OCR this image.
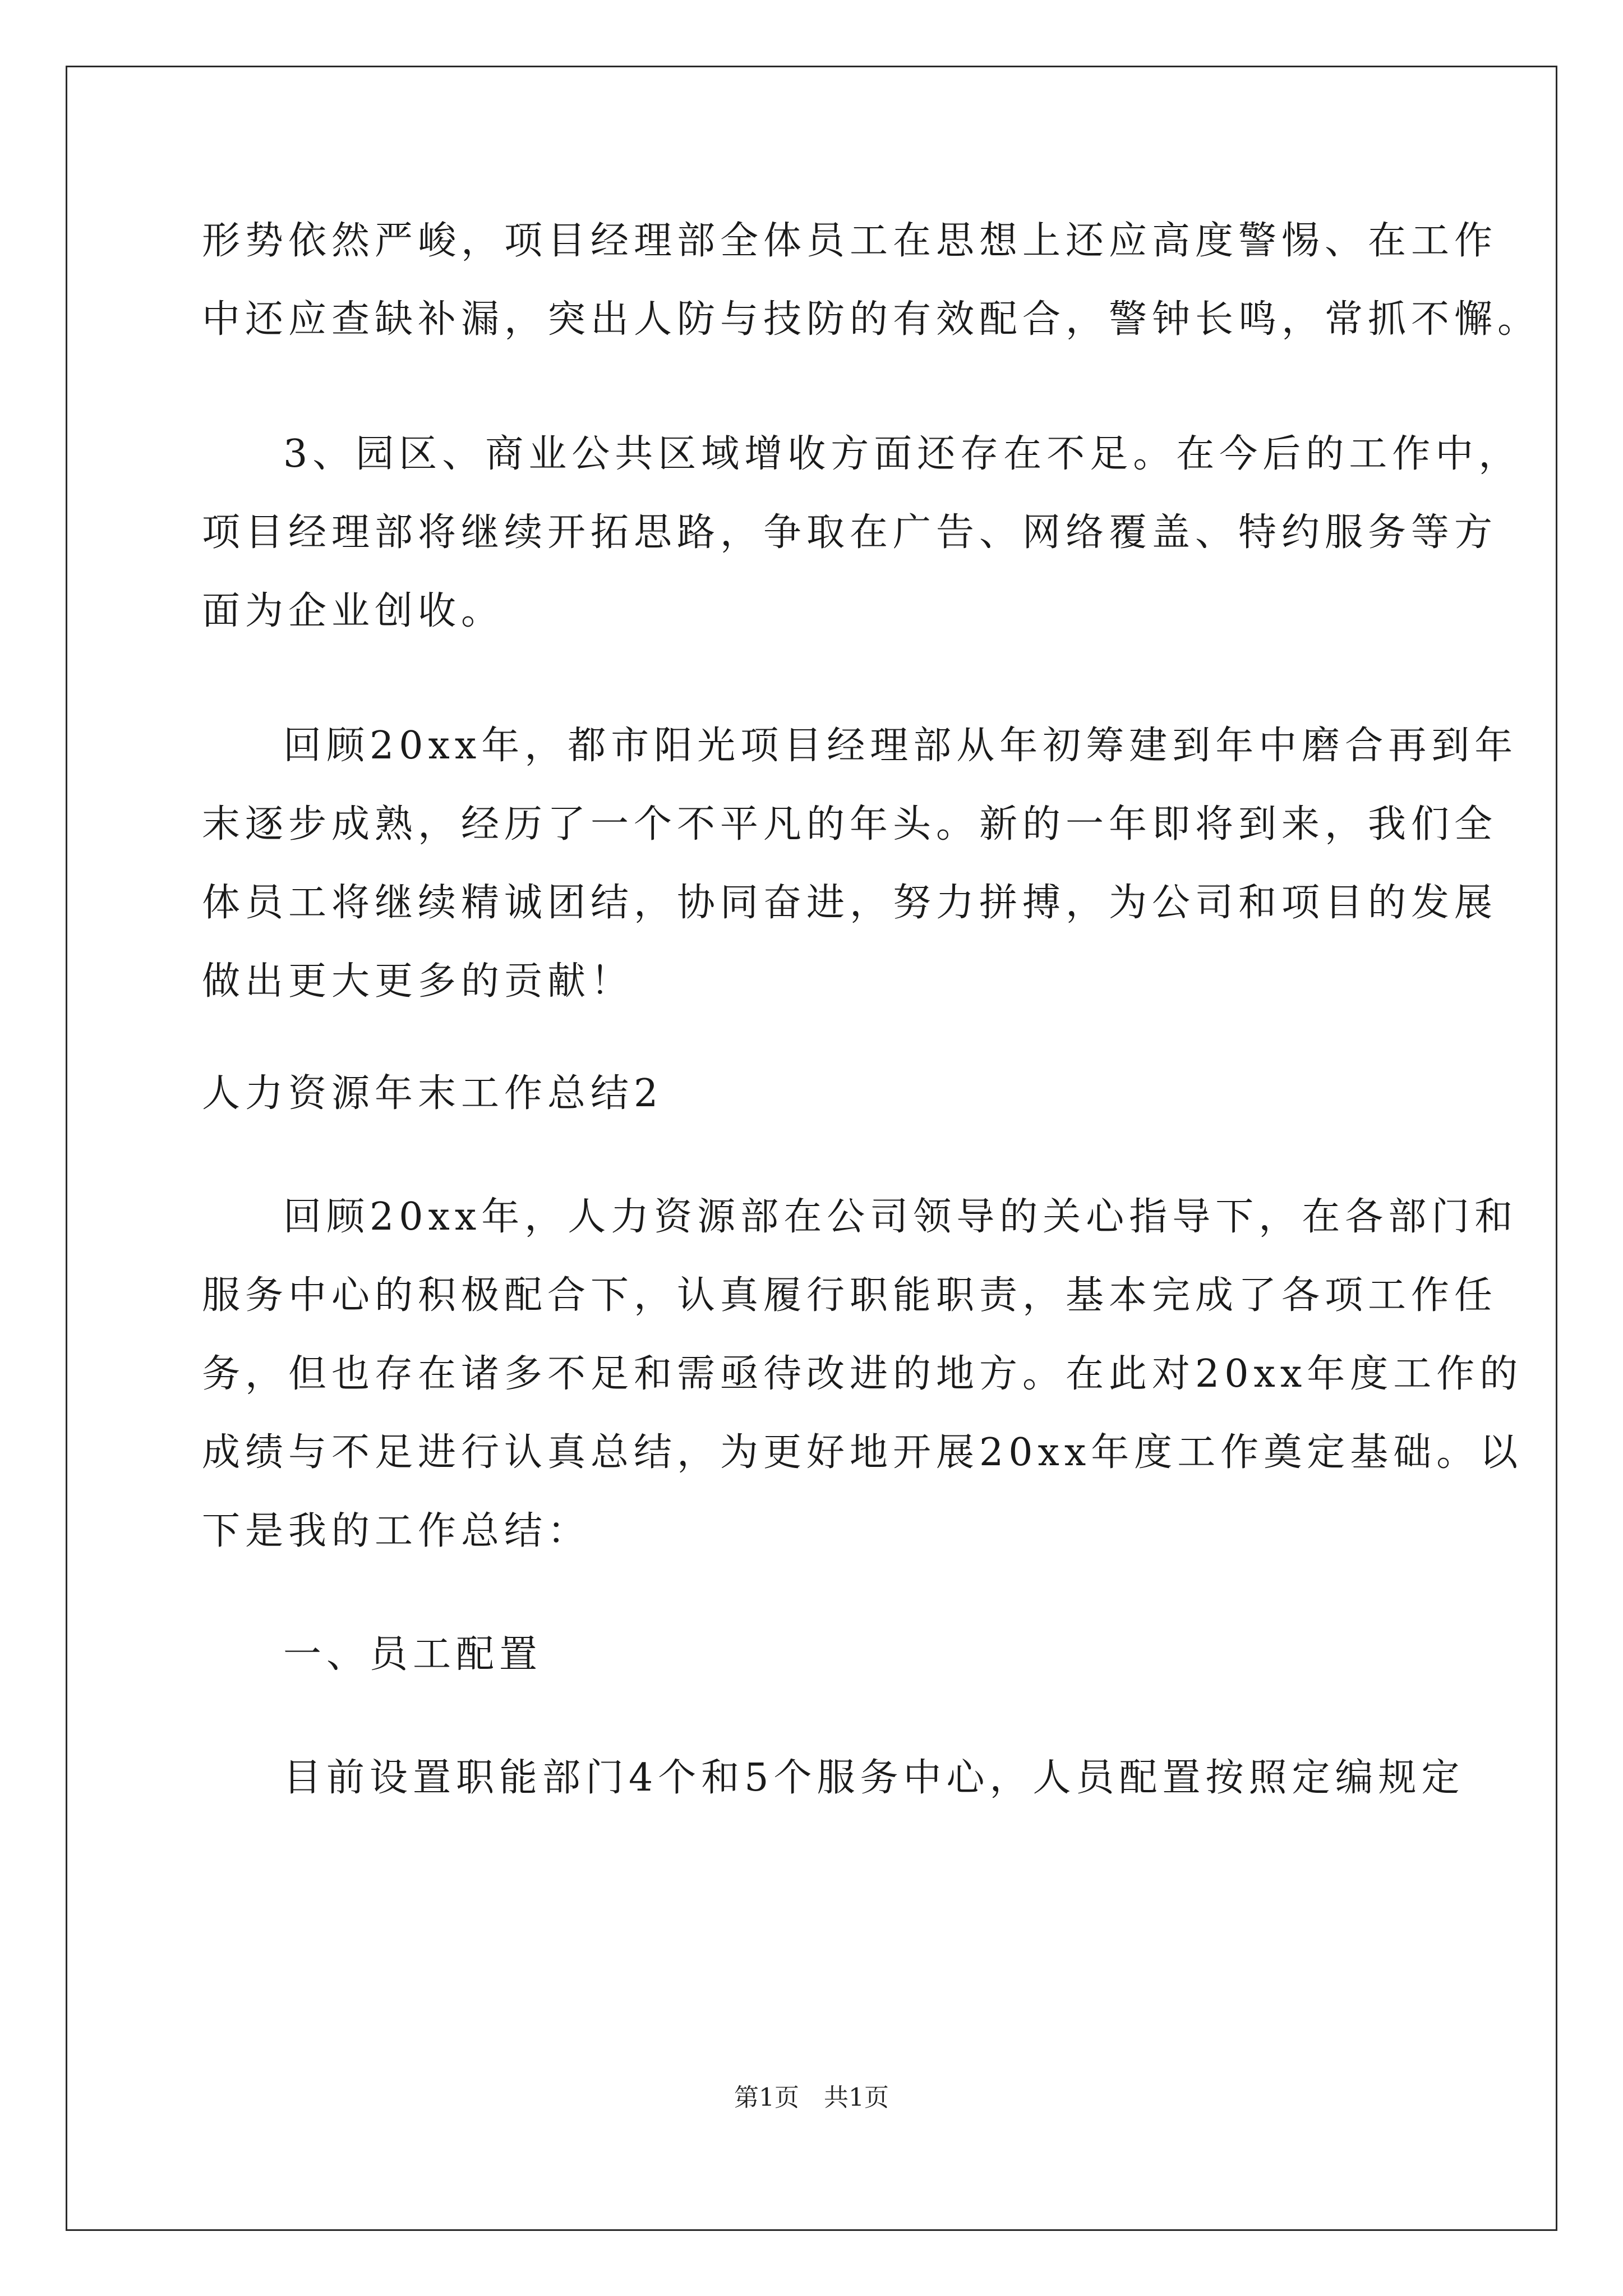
形势依然严峻，项目经理部全体员工在思想上还应高度警惕、在工作
中还应查缺补漏，突出人防与技防的有效配合，警钟长鸣，常抓不懈。
3、园区、商业公共区域增收方面还存在不足。在今后的工作中，
项目经理部将继续开拓思路，争取在广告、网络覆盖、特约服务等方
面为企业创收。
回顾20xx年，都市阳光项目经理部从年初筹建到年中磨合再到年
末逐步成熟，经历了一个不平凡的年头。新的一年即将到来，我们全
体员工将继续精诚团结，协同奋进，努力拼搏，为公司和项目的发展
做出更大更多的贡献！
人力资源年末工作总结2
回顾20xx年，人力资源部在公司领导的关心指导下，在各部门和
服务中心的积极配合下，认真履行职能职责，基本完成了各项工作任
务，但也存在诸多不足和需亟待改进的地方。在此对20xx年度工作的
成绩与不足进行认真总结，为更好地开展20xx年度工作奠定基础。以
下是我的工作总结：
一、员工配置
目前设置职能部门4个和5个服务中心，人员配置按照定编规定
第1页　共1页
